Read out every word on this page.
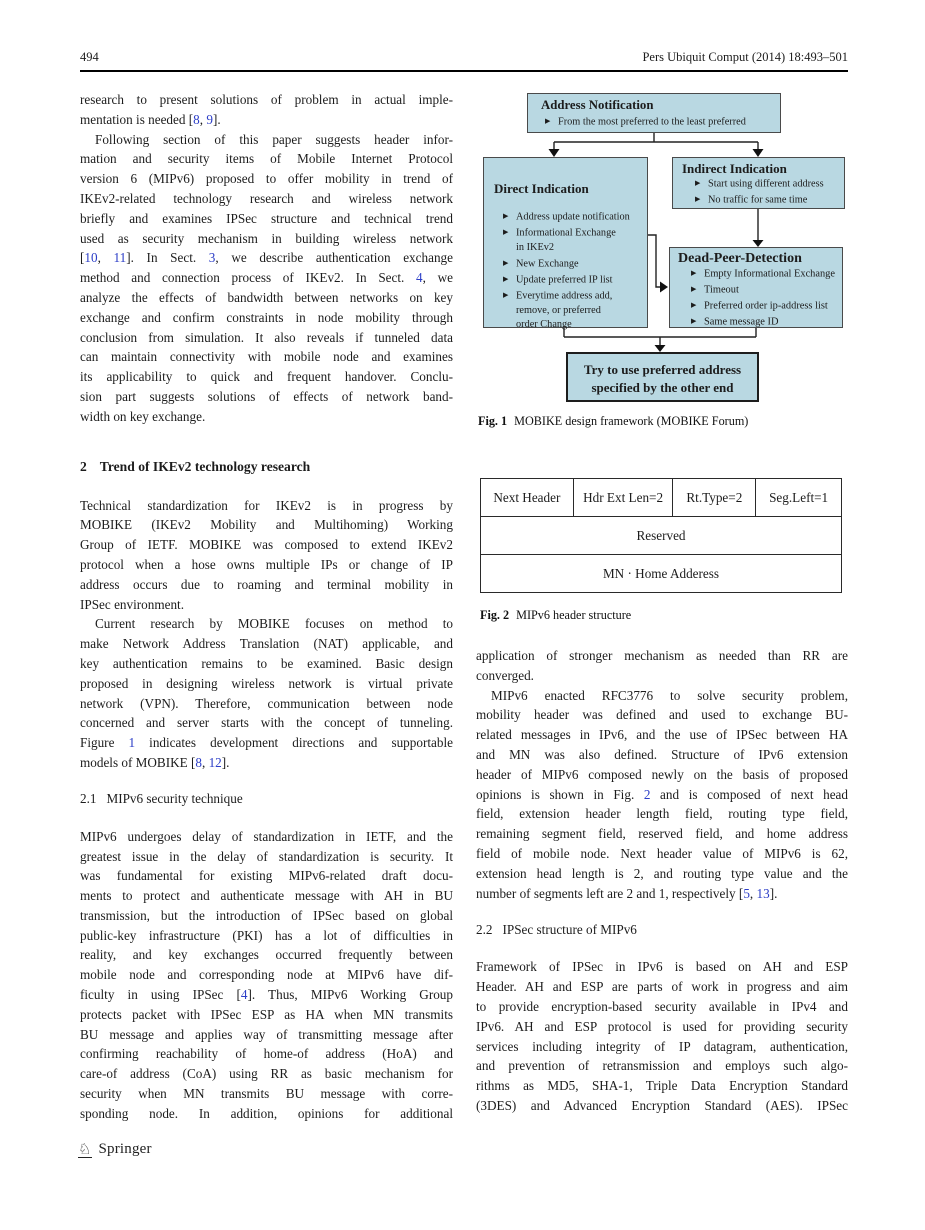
494	Pers Ubiquit Comput (2014) 18:493–501
research to present solutions of problem in actual imple-
mentation is needed [8, 9].
Following section of this paper suggests header infor-
mation and security items of Mobile Internet Protocol
version 6 (MIPv6) proposed to offer mobility in trend of
IKEv2-related technology research and wireless network
briefly and examines IPSec structure and technical trend
used as security mechanism in building wireless network
[10, 11]. In Sect. 3, we describe authentication exchange
method and connection process of IKEv2. In Sect. 4, we
analyze the effects of bandwidth between networks on key
exchange and confirm constraints in node mobility through
conclusion from simulation. It also reveals if tunneled data
can maintain connectivity with mobile node and examines
its applicability to quick and frequent handover. Conclu-
sion part suggests solutions of effects of network band-
width on key exchange.
2 Trend of IKEv2 technology research
Technical standardization for IKEv2 is in progress by
MOBIKE (IKEv2 Mobility and Multihoming) Working
Group of IETF. MOBIKE was composed to extend IKEv2
protocol when a hose owns multiple IPs or change of IP
address occurs due to roaming and terminal mobility in
IPSec environment.
Current research by MOBIKE focuses on method to
make Network Address Translation (NAT) applicable, and
key authentication remains to be examined. Basic design
proposed in designing wireless network is virtual private
network (VPN). Therefore, communication between node
concerned and server starts with the concept of tunneling.
Figure 1 indicates development directions and supportable
models of MOBIKE [8, 12].
2.1 MIPv6 security technique
MIPv6 undergoes delay of standardization in IETF, and the
greatest issue in the delay of standardization is security. It
was fundamental for existing MIPv6-related draft docu-
ments to protect and authenticate message with AH in BU
transmission, but the introduction of IPSec based on global
public-key infrastructure (PKI) has a lot of difficulties in
reality, and key exchanges occurred frequently between
mobile node and corresponding node at MIPv6 have dif-
ficulty in using IPSec [4]. Thus, MIPv6 Working Group
protects packet with IPSec ESP as HA when MN transmits
BU message and applies way of transmitting message after
confirming reachability of home-of address (HoA) and
care-of address (CoA) using RR as basic mechanism for
security when MN transmits BU message with corre-
sponding node. In addition, opinions for additional
Address Notification
▶ From the most preferred to the least preferred
Direct Indication
▶ Address update notification
▶ Informational Exchange
in IKEv2
▶ New Exchange
▶ Update preferred IP list
▶ Everytime address add,
remove, or preferred
order Change
Indirect Indication
▶ Start using different address
▶ No traffic for same time
Dead-Peer-Detection
▶ Empty Informational Exchange
▶ Timeout
▶ Preferred order ip-address list
▶ Same message ID
Try to use preferred address
specified by the other end
Fig. 1 MOBIKE design framework (MOBIKE Forum)
Next Header	Hdr Ext Len=2	Rt.Type=2	Seg.Left=1
Reserved
MN · Home Adderess
Fig. 2 MIPv6 header structure
application of stronger mechanism as needed than RR are
converged.
MIPv6 enacted RFC3776 to solve security problem,
mobility header was defined and used to exchange BU-
related messages in IPv6, and the use of IPSec between HA
and MN was also defined. Structure of IPv6 extension
header of MIPv6 composed newly on the basis of proposed
opinions is shown in Fig. 2 and is composed of next head
field, extension header length field, routing type field,
remaining segment field, reserved field, and home address
field of mobile node. Next header value of MIPv6 is 62,
extension head length is 2, and routing type value and the
number of segments left are 2 and 1, respectively [5, 13].
2.2 IPSec structure of MIPv6
Framework of IPSec in IPv6 is based on AH and ESP
Header. AH and ESP are parts of work in progress and aim
to provide encryption-based security available in IPv4 and
IPv6. AH and ESP protocol is used for providing security
services including integrity of IP datagram, authentication,
and prevention of retransmission and employs such algo-
rithms as MD5, SHA-1, Triple Data Encryption Standard
(3DES) and Advanced Encryption Standard (AES). IPSec
♘ Springer
